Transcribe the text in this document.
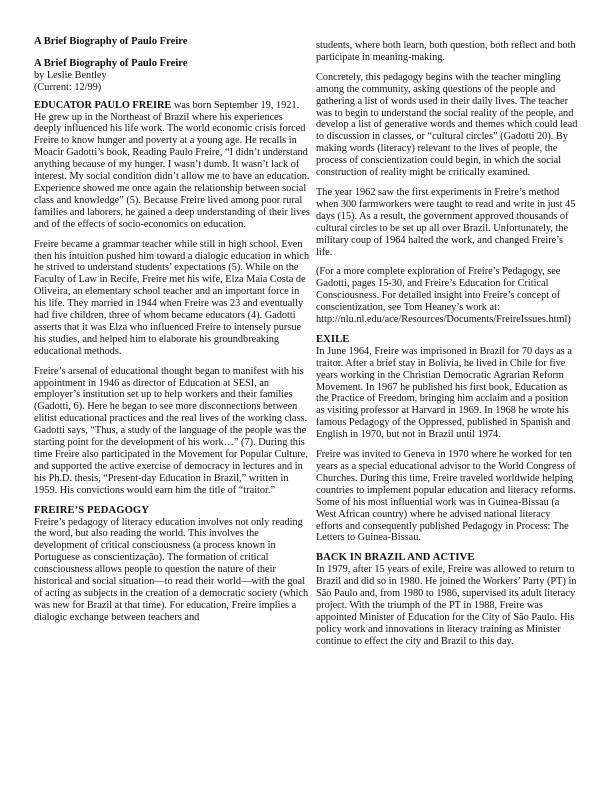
A Brief Biography of Paulo Freire
A Brief Biography of Paulo Freire
by Leslie Bentley
(Current: 12/99)

EDUCATOR PAULO FREIRE was born September 19, 1921. He grew up in the Northeast of Brazil where his experiences deeply influenced his life work. The world economic crisis forced Freire to know hunger and poverty at a young age. He recalls in Moacir Gadotti’s book, Reading Paulo Freire, “I didn’t understand anything because of my hunger. I wasn’t dumb. It wasn’t lack of interest. My social condition didn’t allow me to have an education. Experience showed me once again the relationship between social class and knowledge” (5). Because Freire lived among poor rural families and laborers, he gained a deep understanding of their lives and of the effects of socio-economics on education.

Freire became a grammar teacher while still in high school. Even then his intuition pushed him toward a dialogic education in which he strived to understand students’ expectations (5). While on the Faculty of Law in Recife, Freire met his wife, Elza Maia Costa de Oliveira, an elementary school teacher and an important force in his life. They married in 1944 when Freire was 23 and eventually had five children, three of whom became educators (4). Gadotti asserts that it was Elza who influenced Freire to intensely pursue his studies, and helped him to elaborate his groundbreaking educational methods.

Freire’s arsenal of educational thought began to manifest with his appointment in 1946 as director of Education at SESI, an employer’s institution set up to help workers and their families (Gadotti, 6). Here he began to see more disconnections between elitist educational practices and the real lives of the working class. Gadotti says, “Thus, a study of the language of the people was the starting point for the development of his work…” (7). During this time Freire also participated in the Movement for Popular Culture, and supported the active exercise of democracy in lectures and in his Ph.D. thesis, “Present-day Education in Brazil,” written in 1959. His convictions would earn him the title of “traitor.”

FREIRE’S PEDAGOGY

Freire’s pedagogy of literacy education involves not only reading the word, but also reading the world. This involves the development of critical consciousness (a process known in Portuguese as conscientização). The formation of critical consciousness allows people to question the nature of their historical and social situation—to read their world—with the goal of acting as subjects in the creation of a democratic society (which was new for Brazil at that time). For education, Freire implies a dialogic exchange between teachers and

students, where both learn, both question, both reflect and both participate in meaning-making.

Concretely, this pedagogy begins with the teacher mingling among the community, asking questions of the people and gathering a list of words used in their daily lives. The teacher was to begin to understand the social reality of the people, and develop a list of generative words and themes which could lead to discussion in classes, or “cultural circles” (Gadotti 20). By making words (literacy) relevant to the lives of people, the process of conscientization could begin, in which the social construction of reality might be critically examined.

The year 1962 saw the first experiments in Freire’s method when 300 farmworkers were taught to read and write in just 45 days (15). As a result, the government approved thousands of cultural circles to be set up all over Brazil. Unfortunately, the military coup of 1964 halted the work, and changed Freire’s life.

(For a more complete exploration of Freire’s Pedagogy, see Gadotti, pages 15-30, and Freire’s Education for Critical Consciousness. For detailed insight into Freire’s concept of conscientization, see Tom Heaney’s work at: http://nlu.nl.edu/ace/Resources/Documents/FreireIssues.html)

EXILE

In June 1964, Freire was imprisoned in Brazil for 70 days as a traitor. After a brief stay in Bolivia, he lived in Chile for five years working in the Christian Democratic Agrarian Reform Movement. In 1967 he published his first book, Education as the Practice of Freedom, bringing him acclaim and a position as visiting professor at Harvard in 1969. In 1968 he wrote his famous Pedagogy of the Oppressed, published in Spanish and English in 1970, but not in Brazil until 1974.

Freire was invited to Geneva in 1970 where he worked for ten years as a special educational advisor to the World Congress of Churches. During this time, Freire traveled worldwide helping countries to implement popular education and literacy reforms. Some of his most influential work was in Guinea-Bissau (a West African country) where he advised national literacy efforts and consequently published Pedagogy in Process: The Letters to Guinea-Bissau.

BACK IN BRAZIL AND ACTIVE

In 1979, after 15 years of exile, Freire was allowed to return to Brazil and did so in 1980. He joined the Workers’ Party (PT) in São Paulo and, from 1980 to 1986, supervised its adult literacy project. With the triumph of the PT in 1988, Freire was appointed Minister of Education for the City of São Paulo. His policy work and innovations in literacy training as Minister continue to effect the city and Brazil to this day.
